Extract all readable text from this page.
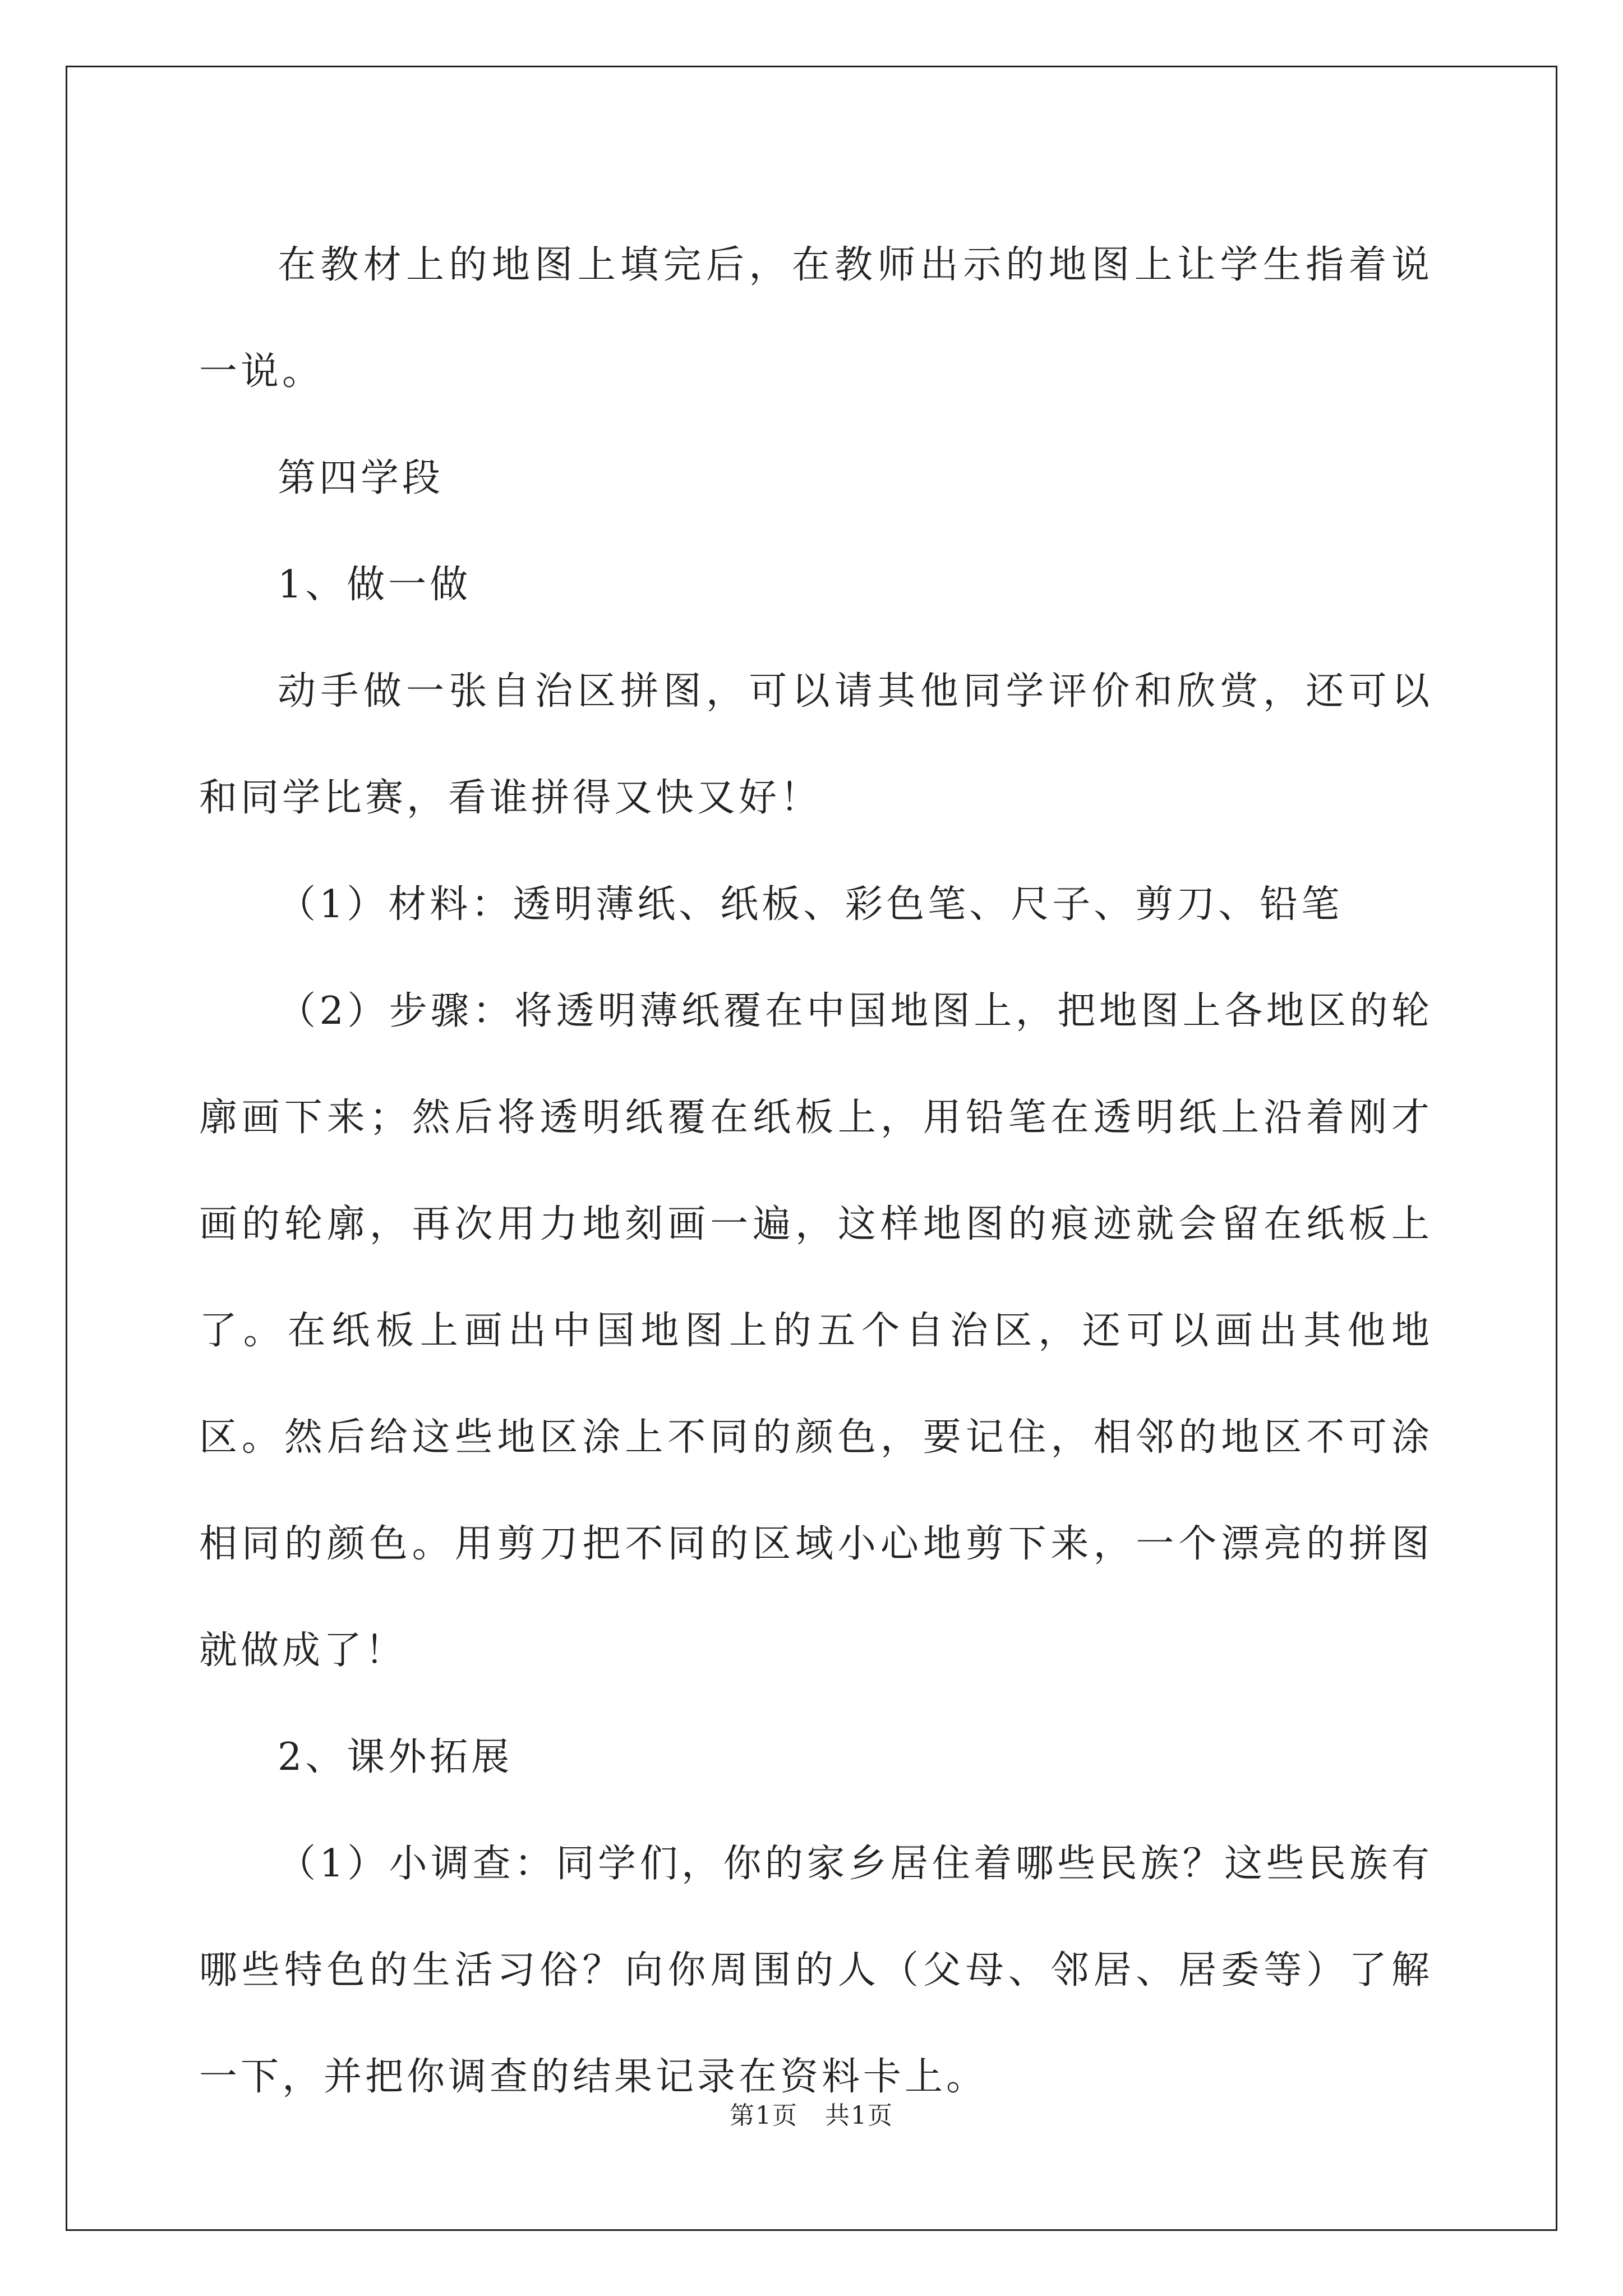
在教材上的地图上填完后，在教师出示的地图上让学生指着说一说。

第四学段

1、做一做

动手做一张自治区拼图，可以请其他同学评价和欣赏，还可以和同学比赛，看谁拼得又快又好！

（1）材料：透明薄纸、纸板、彩色笔、尺子、剪刀、铅笔

（2）步骤：将透明薄纸覆在中国地图上，把地图上各地区的轮廓画下来；然后将透明纸覆在纸板上，用铅笔在透明纸上沿着刚才画的轮廓，再次用力地刻画一遍，这样地图的痕迹就会留在纸板上了。在纸板上画出中国地图上的五个自治区，还可以画出其他地区。然后给这些地区涂上不同的颜色，要记住，相邻的地区不可涂相同的颜色。用剪刀把不同的区域小心地剪下来，一个漂亮的拼图就做成了！

2、课外拓展

（1）小调查：同学们，你的家乡居住着哪些民族？这些民族有哪些特色的生活习俗？向你周围的人（父母、邻居、居委等）了解一下，并把你调查的结果记录在资料卡上。

第1页 共1页
